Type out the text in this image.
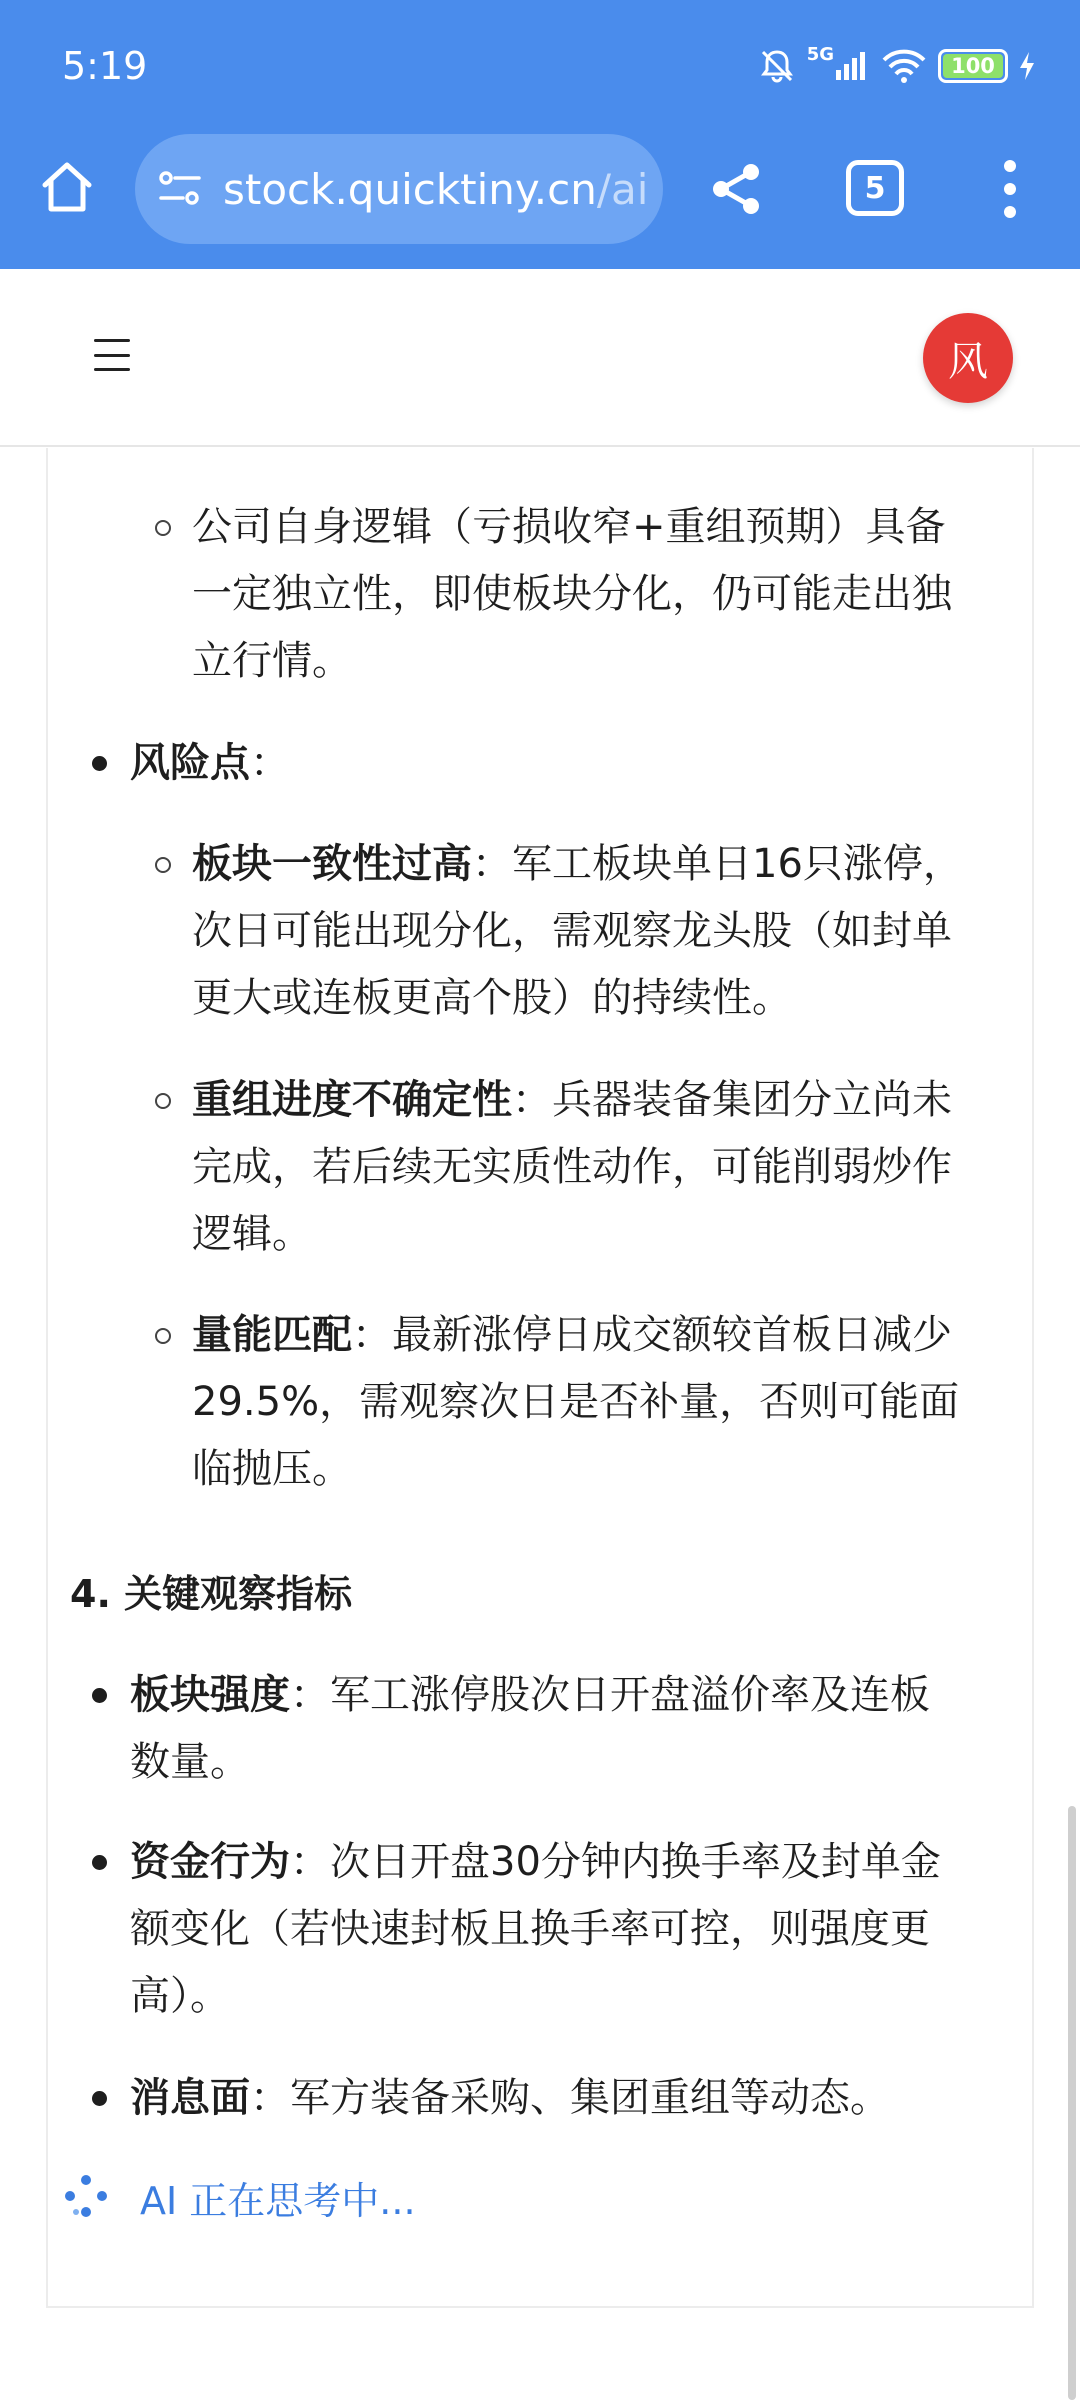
5:19	5G	100
stock.quicktiny.cn/ai	5
风
公司自身逻辑（亏损收窄+重组预期）具备
一定独立性，即使板块分化，仍可能走出独
立行情。
风险点：
板块一致性过高：军工板块单日16只涨停，
次日可能出现分化，需观察龙头股（如封单
更大或连板更高个股）的持续性。
重组进度不确定性：兵器装备集团分立尚未
完成，若后续无实质性动作，可能削弱炒作
逻辑。
量能匹配：最新涨停日成交额较首板日减少
29.5%，需观察次日是否补量，否则可能面
临抛压。
4. 关键观察指标
板块强度：军工涨停股次日开盘溢价率及连板
数量。
资金行为：次日开盘30分钟内换手率及封单金
额变化（若快速封板且换手率可控，则强度更
高）。
消息面：军方装备采购、集团重组等动态。
AI 正在思考中...
